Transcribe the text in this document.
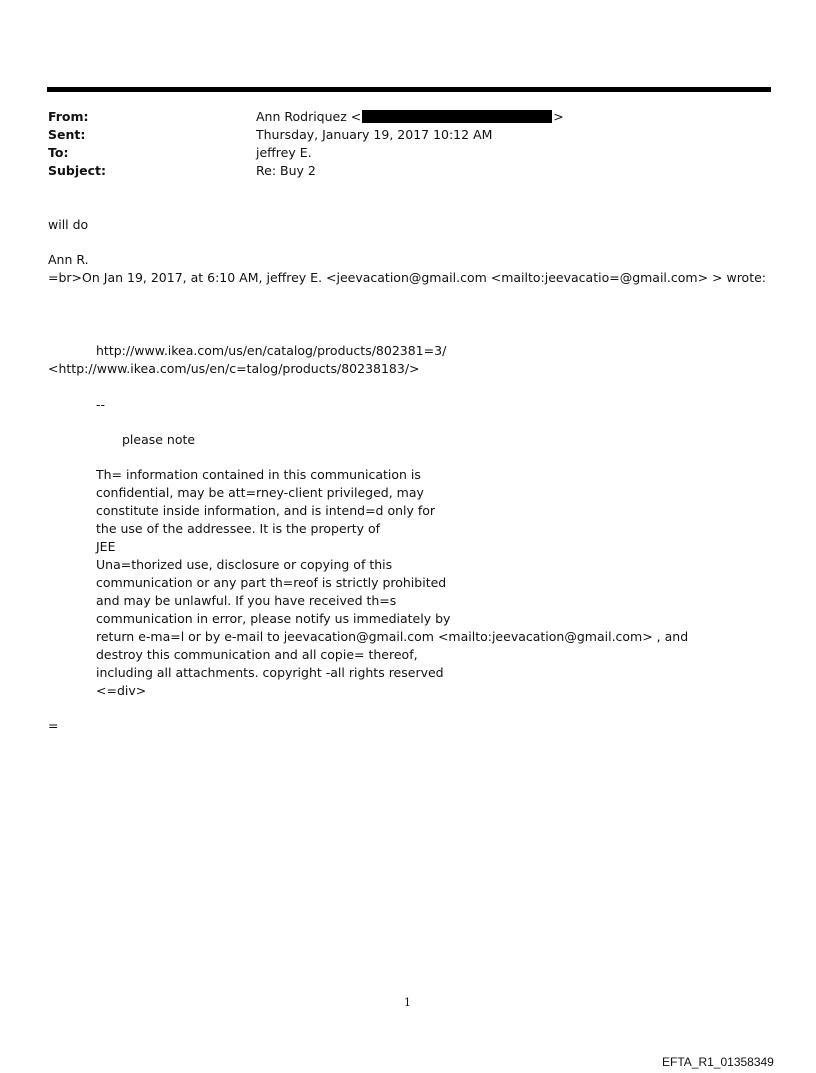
From:	Ann Rodriquez <	>
Sent:	Thursday, January 19, 2017 10:12 AM
To:	jeffrey E.
Subject:	Re: Buy 2
will do
Ann R.
=br>On Jan 19, 2017, at 6:10 AM, jeffrey E. <jeevacation@gmail.com <mailto:jeevacatio=@gmail.com> > wrote:
http://www.ikea.com/us/en/catalog/products/802381=3/
<http://www.ikea.com/us/en/c=talog/products/80238183/>
--
please note
Th= information contained in this communication is
confidential, may be att=rney-client privileged, may
constitute inside information, and is intend=d only for
the use of the addressee. It is the property of
JEE
Una=thorized use, disclosure or copying of this
communication or any part th=reof is strictly prohibited
and may be unlawful. If you have received th=s
communication in error, please notify us immediately by
return e-ma=l or by e-mail to jeevacation@gmail.com <mailto:jeevacation@gmail.com> , and
destroy this communication and all copie= thereof,
including all attachments. copyright -all rights reserved
<=div>
=
1
EFTA_R1_01358349
